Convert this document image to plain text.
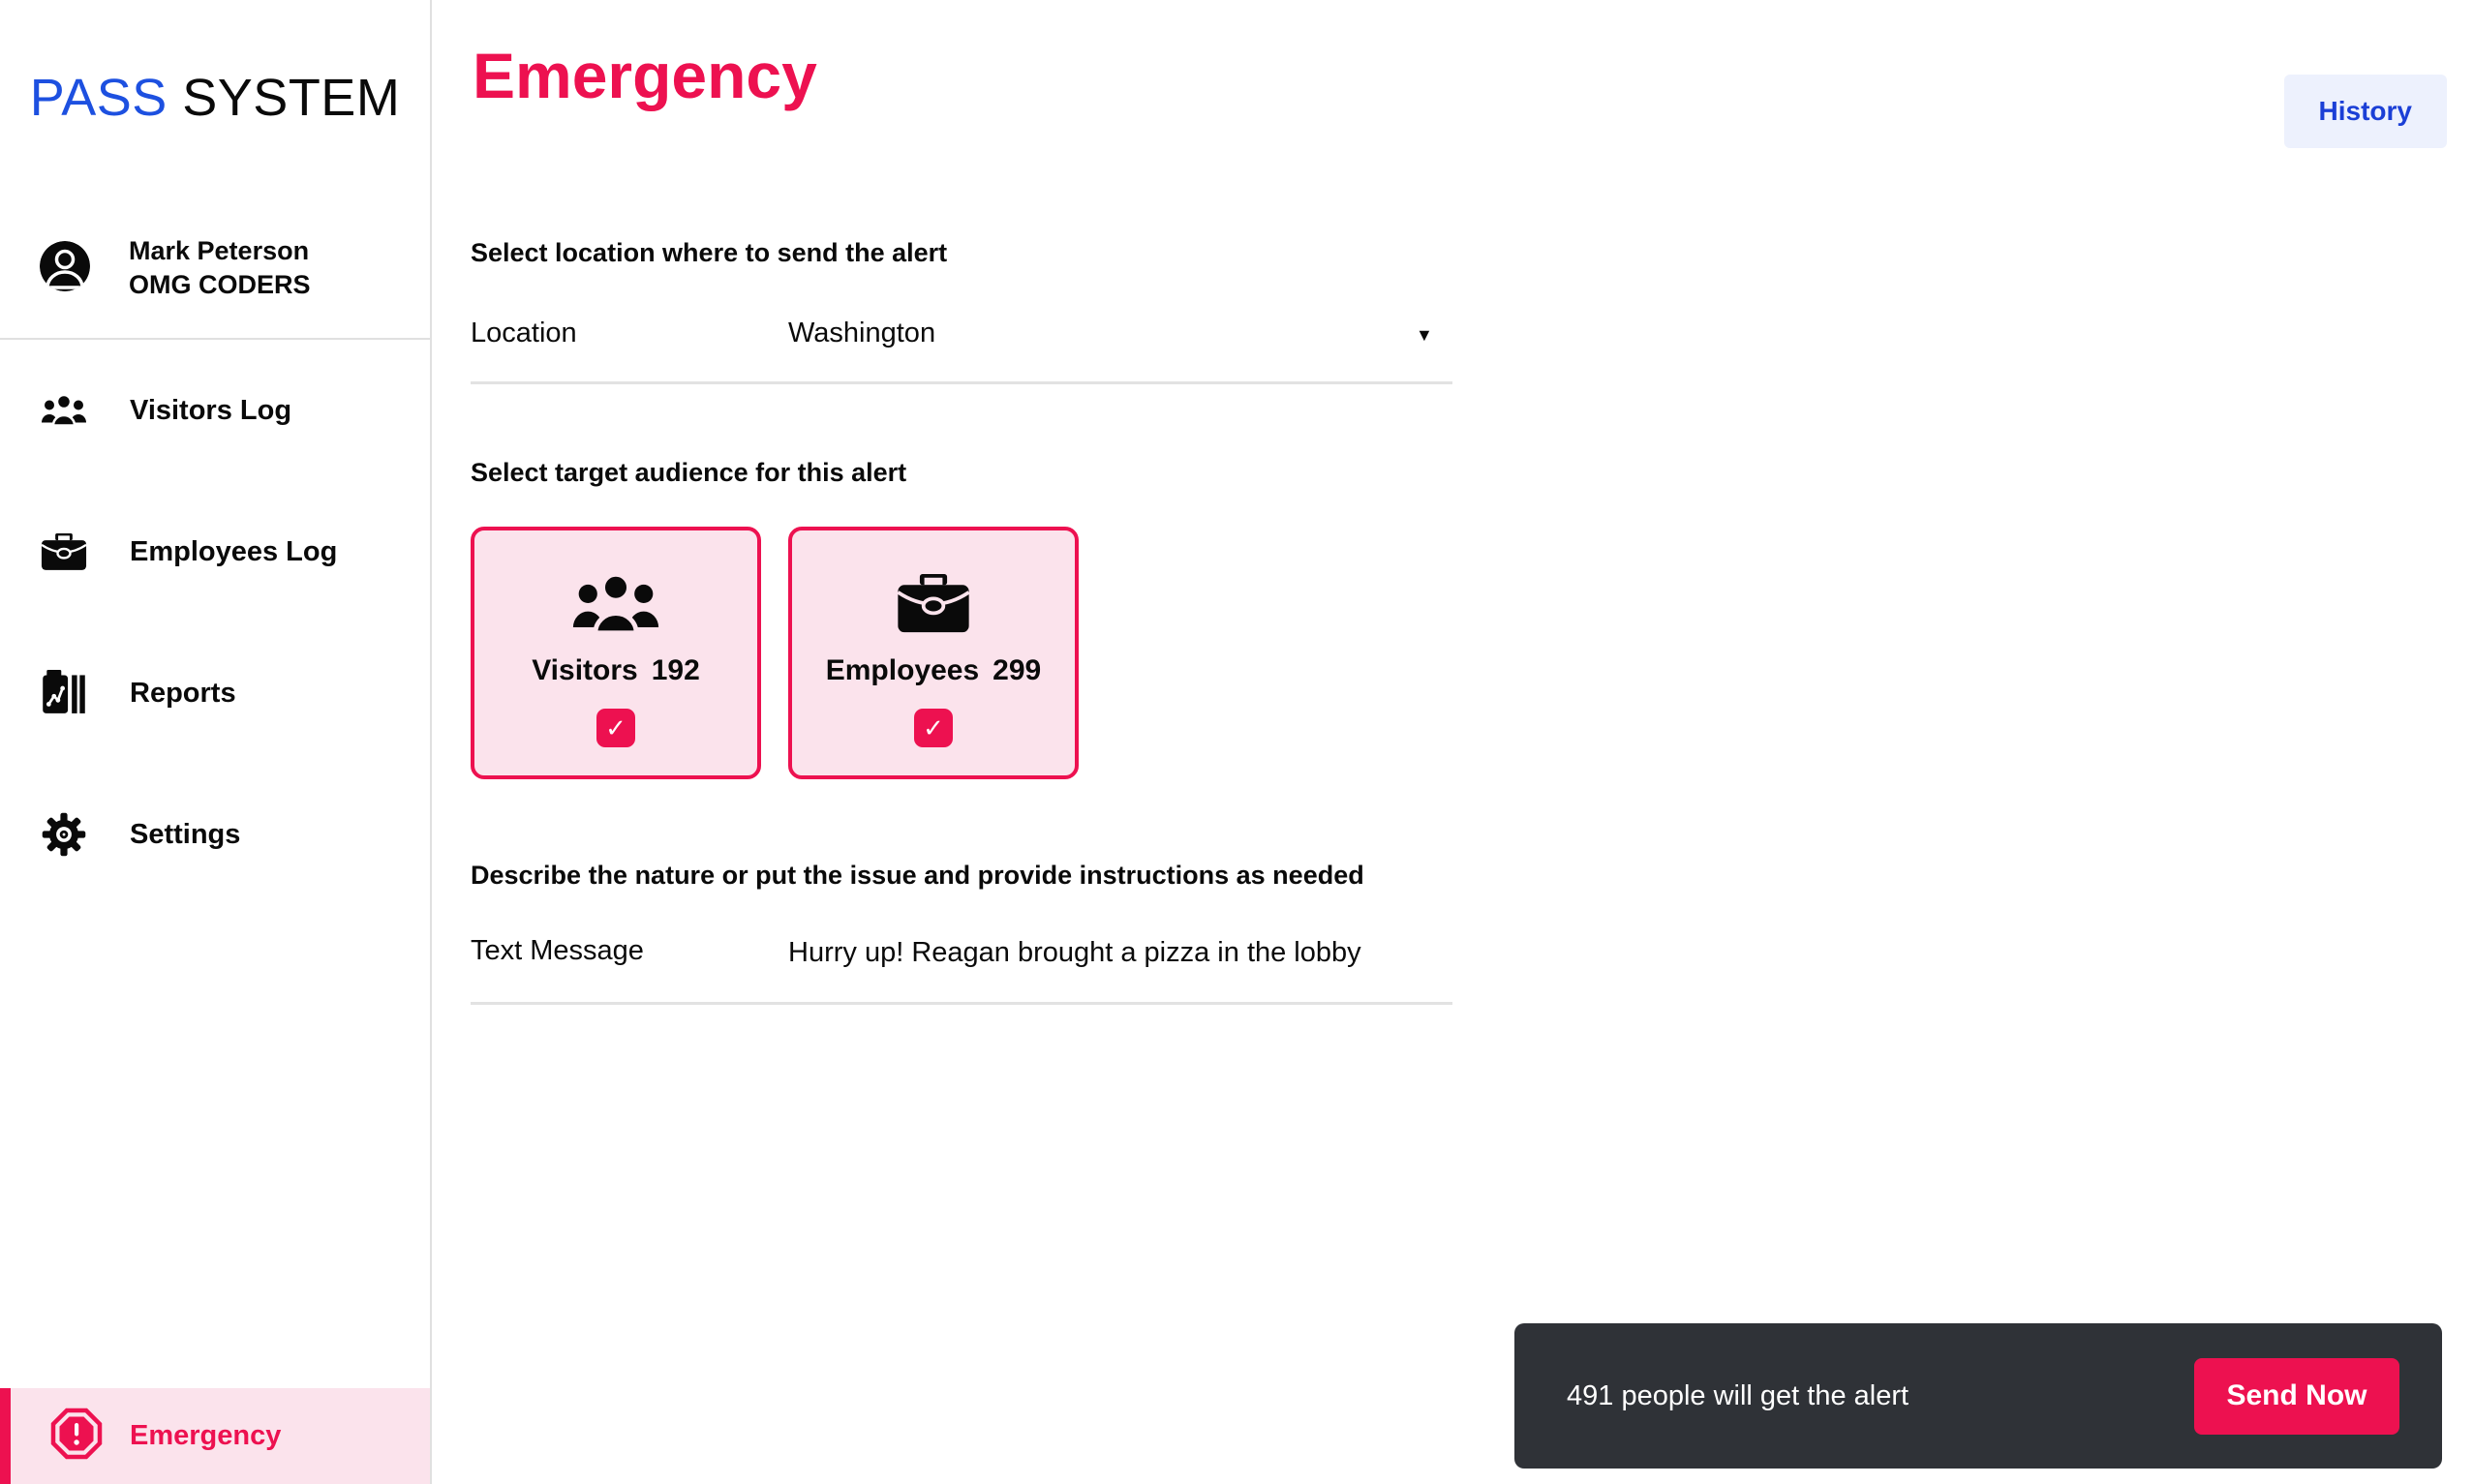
PASS SYSTEM
Mark Peterson
OMG CODERS
Visitors Log
Employees Log
Reports
Settings
Emergency
Emergency	History
Select location where to send the alert
Location	Washington	▼
Select target audience for this alert
Visitors 192
✓
Employees 299
✓
Describe the nature or put the issue and provide instructions as needed
Text Message	Hurry up! Reagan brought a pizza in the lobby
491 people will get the alert	Send Now
